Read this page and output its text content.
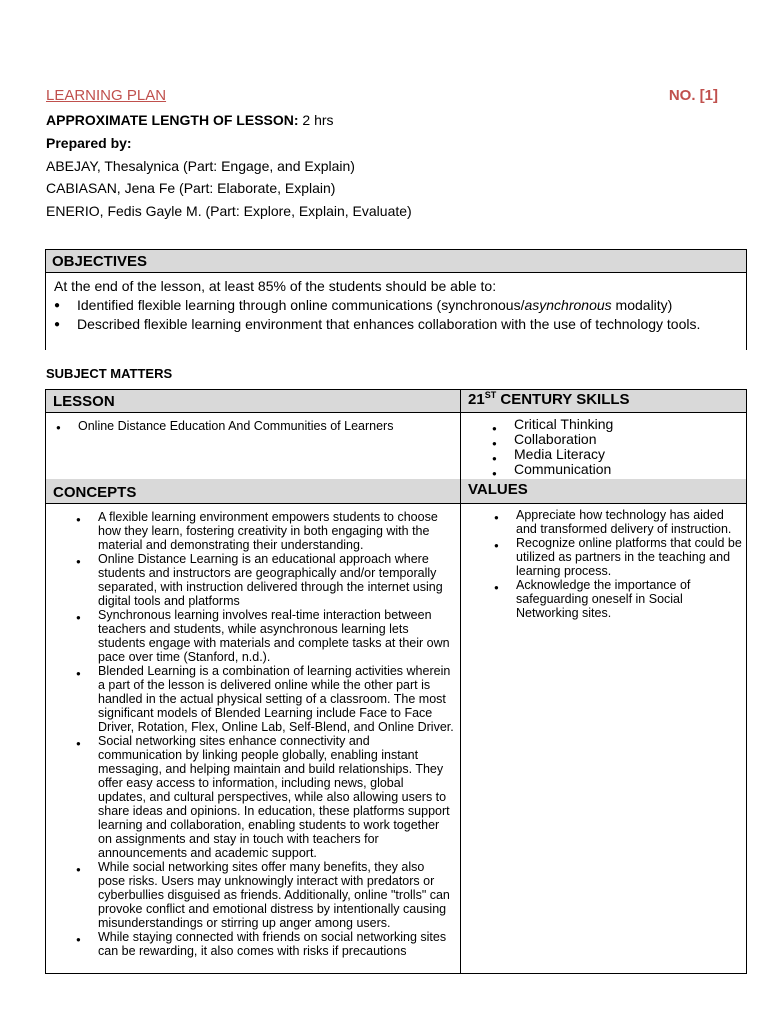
LEARNING PLAN	NO. [1]
APPROXIMATE LENGTH OF LESSON: 2 hrs
Prepared by:
ABEJAY, Thesalynica (Part: Engage, and Explain)
CABIASAN, Jena Fe (Part: Elaborate, Explain)
ENERIO, Fedis Gayle M. (Part: Explore, Explain, Evaluate)
OBJECTIVES
At the end of the lesson, at least 85% of the students should be able to:
● Identified flexible learning through online communications (synchronous/asynchronous modality)
● Described flexible learning environment that enhances collaboration with the use of technology tools.
SUBJECT MATTERS
LESSON	21ST CENTURY SKILLS
● Online Distance Education And Communities of Learners
●	Critical Thinking
● Collaboration
● Media Literacy
● Communication
CONCEPTS	VALUES
● A flexible learning environment empowers students to choose how they learn, fostering creativity in both engaging with the material and demonstrating their understanding.
● Online Distance Learning is an educational approach where students and instructors are geographically and/or temporally separated, with instruction delivered through the internet using digital tools and platforms
● Synchronous learning involves real-time interaction between teachers and students, while asynchronous learning lets students engage with materials and complete tasks at their own pace over time (Stanford, n.d.).
● Blended Learning is a combination of learning activities wherein a part of the lesson is delivered online while the other part is handled in the actual physical setting of a classroom. The most significant models of Blended Learning include Face to Face Driver, Rotation, Flex, Online Lab, Self-Blend, and Online Driver.
● Social networking sites enhance connectivity and communication by linking people globally, enabling instant messaging, and helping maintain and build relationships. They offer easy access to information, including news, global updates, and cultural perspectives, while also allowing users to share ideas and opinions. In education, these platforms support learning and collaboration, enabling students to work together on assignments and stay in touch with teachers for announcements and academic support.
● While social networking sites offer many benefits, they also pose risks. Users may unknowingly interact with predators or cyberbullies disguised as friends. Additionally, online "trolls" can provoke conflict and emotional distress by intentionally causing misunderstandings or stirring up anger among users.
● While staying connected with friends on social networking sites can be rewarding, it also comes with risks if precautions
● Appreciate how technology has aided and transformed delivery of instruction.
● Recognize online platforms that could be utilized as partners in the teaching and learning process.
● Acknowledge the importance of safeguarding oneself in Social Networking sites.
